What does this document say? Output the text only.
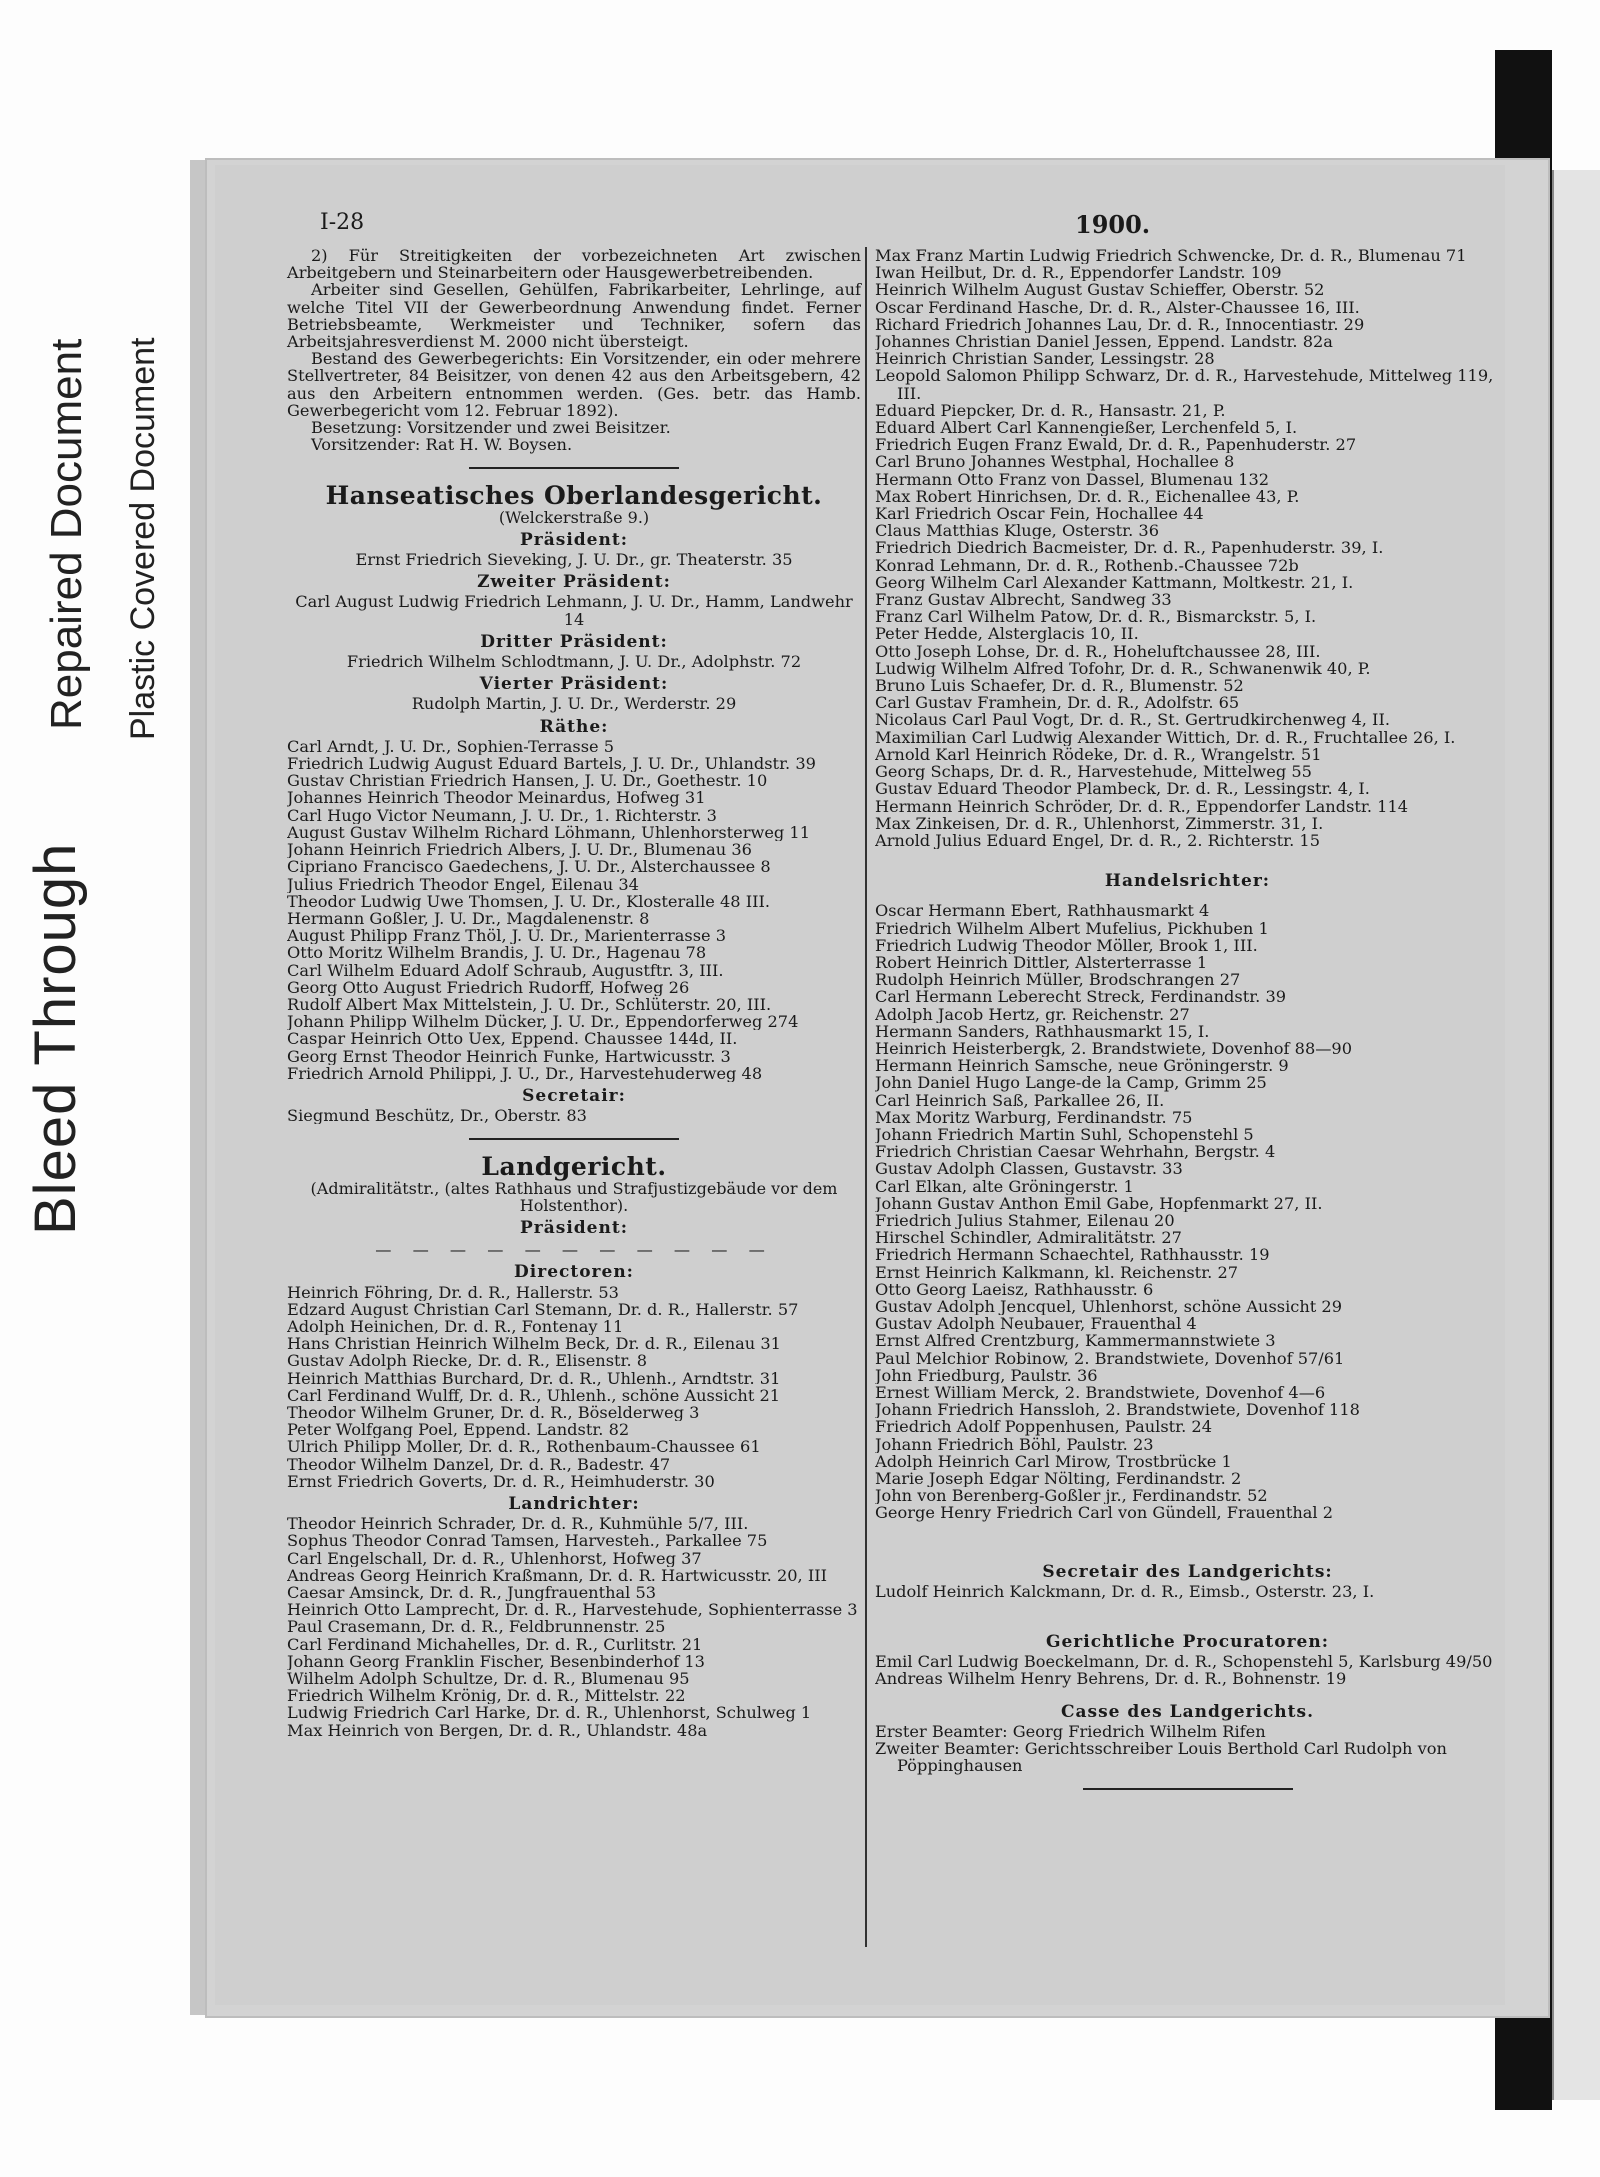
Bleed Through
Repaired Document Plastic Covered Document
I-28	1900.

2) Für Streitigkeiten der vorbezeichneten Art zwischen Arbeitgebern und Steinarbeitern oder Hausgewerbetreibenden.

Arbeiter sind Gesellen, Gehülfen, Fabrikarbeiter, Lehrlinge, auf welche Titel VII der Gewerbeordnung Anwendung findet. Ferner Betriebsbeamte, Werkmeister und Techniker, sofern das Arbeitsjahresverdienst M. 2000 nicht übersteigt.

Bestand des Gewerbegerichts: Ein Vorsitzender, ein oder mehrere Stellvertreter, 84 Beisitzer, von denen 42 aus den Arbeitsgebern, 42 aus den Arbeitern entnommen werden. (Ges. betr. das Hamb. Gewerbegericht vom 12. Februar 1892).

Besetzung: Vorsitzender und zwei Beisitzer.

Vorsitzender: Rat H. W. Boysen.

Hanseatisches Oberlandesgericht.

(Welckerstraße 9.)

Präsident:

Ernst Friedrich Sieveking, J. U. Dr., gr. Theaterstr. 35

Zweiter Präsident:

Carl August Ludwig Friedrich Lehmann, J. U. Dr., Hamm, Landwehr 14

Dritter Präsident:

Friedrich Wilhelm Schlodtmann, J. U. Dr., Adolphstr. 72

Vierter Präsident:

Rudolph Martin, J. U. Dr., Werderstr. 29

Räthe:

Carl Arndt, J. U. Dr., Sophien-Terrasse 5

Friedrich Ludwig August Eduard Bartels, J. U. Dr., Uhlandstr. 39

Gustav Christian Friedrich Hansen, J. U. Dr., Goethestr. 10

Johannes Heinrich Theodor Meinardus, Hofweg 31

Carl Hugo Victor Neumann, J. U. Dr., 1. Richterstr. 3

August Gustav Wilhelm Richard Löhmann, Uhlenhorsterweg 11

Johann Heinrich Friedrich Albers, J. U. Dr., Blumenau 36

Cipriano Francisco Gaedechens, J. U. Dr., Alsterchaussee 8

Julius Friedrich Theodor Engel, Eilenau 34

Theodor Ludwig Uwe Thomsen, J. U. Dr., Klosteralle 48 III.

Hermann Goßler, J. U. Dr., Magdalenenstr. 8

August Philipp Franz Thöl, J. U. Dr., Marienterrasse 3

Otto Moritz Wilhelm Brandis, J. U. Dr., Hagenau 78

Carl Wilhelm Eduard Adolf Schraub, Augustftr. 3, III.

Georg Otto August Friedrich Rudorff, Hofweg 26

Rudolf Albert Max Mittelstein, J. U. Dr., Schlüterstr. 20, III.

Johann Philipp Wilhelm Dücker, J. U. Dr., Eppendorferweg 274

Caspar Heinrich Otto Uex, Eppend. Chaussee 144d, II.

Georg Ernst Theodor Heinrich Funke, Hartwicusstr. 3

Friedrich Arnold Philippi, J. U., Dr., Harvestehuderweg 48

Secretair:

Siegmund Beschütz, Dr., Oberstr. 83

Landgericht.

(Admiralitätstr., (altes Rathhaus und Strafjustizgebäude vor dem Holstenthor).

Präsident:

— — — — — — — — — — —

Directoren:

Heinrich Föhring, Dr. d. R., Hallerstr. 53

Edzard August Christian Carl Stemann, Dr. d. R., Hallerstr. 57

Adolph Heinichen, Dr. d. R., Fontenay 11

Hans Christian Heinrich Wilhelm Beck, Dr. d. R., Eilenau 31

Gustav Adolph Riecke, Dr. d. R., Elisenstr. 8

Heinrich Matthias Burchard, Dr. d. R., Uhlenh., Arndtstr. 31

Carl Ferdinand Wulff, Dr. d. R., Uhlenh., schöne Aussicht 21

Theodor Wilhelm Gruner, Dr. d. R., Böselderweg 3

Peter Wolfgang Poel, Eppend. Landstr. 82

Ulrich Philipp Moller, Dr. d. R., Rothenbaum-Chaussee 61

Theodor Wilhelm Danzel, Dr. d. R., Badestr. 47

Ernst Friedrich Goverts, Dr. d. R., Heimhuderstr. 30

Landrichter:

Theodor Heinrich Schrader, Dr. d. R., Kuhmühle 5/7, III.

Sophus Theodor Conrad Tamsen, Harvesteh., Parkallee 75

Carl Engelschall, Dr. d. R., Uhlenhorst, Hofweg 37

Andreas Georg Heinrich Kraßmann, Dr. d. R. Hartwicusstr. 20, III

Caesar Amsinck, Dr. d. R., Jungfrauenthal 53

Heinrich Otto Lamprecht, Dr. d. R., Harvestehude, Sophienterrasse 3

Paul Crasemann, Dr. d. R., Feldbrunnenstr. 25

Carl Ferdinand Michahelles, Dr. d. R., Curlitstr. 21

Johann Georg Franklin Fischer, Besenbinderhof 13

Wilhelm Adolph Schultze, Dr. d. R., Blumenau 95

Friedrich Wilhelm Krönig, Dr. d. R., Mittelstr. 22

Ludwig Friedrich Carl Harke, Dr. d. R., Uhlenhorst, Schulweg 1

Max Heinrich von Bergen, Dr. d. R., Uhlandstr. 48a

Max Franz Martin Ludwig Friedrich Schwencke, Dr. d. R., Blumenau 71

Iwan Heilbut, Dr. d. R., Eppendorfer Landstr. 109

Heinrich Wilhelm August Gustav Schieffer, Oberstr. 52

Oscar Ferdinand Hasche, Dr. d. R., Alster-Chaussee 16, III.

Richard Friedrich Johannes Lau, Dr. d. R., Innocentiastr. 29

Johannes Christian Daniel Jessen, Eppend. Landstr. 82a

Heinrich Christian Sander, Lessingstr. 28

Leopold Salomon Philipp Schwarz, Dr. d. R., Harvestehude, Mittelweg 119, III.

Eduard Piepcker, Dr. d. R., Hansastr. 21, P.

Eduard Albert Carl Kannengießer, Lerchenfeld 5, I.

Friedrich Eugen Franz Ewald, Dr. d. R., Papenhuderstr. 27

Carl Bruno Johannes Westphal, Hochallee 8

Hermann Otto Franz von Dassel, Blumenau 132

Max Robert Hinrichsen, Dr. d. R., Eichenallee 43, P.

Karl Friedrich Oscar Fein, Hochallee 44

Claus Matthias Kluge, Osterstr. 36

Friedrich Diedrich Bacmeister, Dr. d. R., Papenhuderstr. 39, I.

Konrad Lehmann, Dr. d. R., Rothenb.-Chaussee 72b

Georg Wilhelm Carl Alexander Kattmann, Moltkestr. 21, I.

Franz Gustav Albrecht, Sandweg 33

Franz Carl Wilhelm Patow, Dr. d. R., Bismarckstr. 5, I.

Peter Hedde, Alsterglacis 10, II.

Otto Joseph Lohse, Dr. d. R., Hoheluftchaussee 28, III.

Ludwig Wilhelm Alfred Tofohr, Dr. d. R., Schwanenwik 40, P.

Bruno Luis Schaefer, Dr. d. R., Blumenstr. 52

Carl Gustav Framhein, Dr. d. R., Adolfstr. 65

Nicolaus Carl Paul Vogt, Dr. d. R., St. Gertrudkirchenweg 4, II.

Maximilian Carl Ludwig Alexander Wittich, Dr. d. R., Fruchtallee 26, I.

Arnold Karl Heinrich Rödeke, Dr. d. R., Wrangelstr. 51

Georg Schaps, Dr. d. R., Harvestehude, Mittelweg 55

Gustav Eduard Theodor Plambeck, Dr. d. R., Lessingstr. 4, I.

Hermann Heinrich Schröder, Dr. d. R., Eppendorfer Landstr. 114

Max Zinkeisen, Dr. d. R., Uhlenhorst, Zimmerstr. 31, I.

Arnold Julius Eduard Engel, Dr. d. R., 2. Richterstr. 15

Handelsrichter:

Oscar Hermann Ebert, Rathhausmarkt 4

Friedrich Wilhelm Albert Mufelius, Pickhuben 1

Friedrich Ludwig Theodor Möller, Brook 1, III.

Robert Heinrich Dittler, Alsterterrasse 1

Rudolph Heinrich Müller, Brodschrangen 27

Carl Hermann Leberecht Streck, Ferdinandstr. 39

Adolph Jacob Hertz, gr. Reichenstr. 27

Hermann Sanders, Rathhausmarkt 15, I.

Heinrich Heisterbergk, 2. Brandstwiete, Dovenhof 88—90

Hermann Heinrich Samsche, neue Gröningerstr. 9

John Daniel Hugo Lange-de la Camp, Grimm 25

Carl Heinrich Saß, Parkallee 26, II.

Max Moritz Warburg, Ferdinandstr. 75

Johann Friedrich Martin Suhl, Schopenstehl 5

Friedrich Christian Caesar Wehrhahn, Bergstr. 4

Gustav Adolph Classen, Gustavstr. 33

Carl Elkan, alte Gröningerstr. 1

Johann Gustav Anthon Emil Gabe, Hopfenmarkt 27, II.

Friedrich Julius Stahmer, Eilenau 20

Hirschel Schindler, Admiralitätstr. 27

Friedrich Hermann Schaechtel, Rathhausstr. 19

Ernst Heinrich Kalkmann, kl. Reichenstr. 27

Otto Georg Laeisz, Rathhausstr. 6

Gustav Adolph Jencquel, Uhlenhorst, schöne Aussicht 29

Gustav Adolph Neubauer, Frauenthal 4

Ernst Alfred Crentzburg, Kammermannstwiete 3

Paul Melchior Robinow, 2. Brandstwiete, Dovenhof 57/61

John Friedburg, Paulstr. 36

Ernest William Merck, 2. Brandstwiete, Dovenhof 4—6

Johann Friedrich Hanssloh, 2. Brandstwiete, Dovenhof 118

Friedrich Adolf Poppenhusen, Paulstr. 24

Johann Friedrich Böhl, Paulstr. 23

Adolph Heinrich Carl Mirow, Trostbrücke 1

Marie Joseph Edgar Nölting, Ferdinandstr. 2

John von Berenberg-Goßler jr., Ferdinandstr. 52

George Henry Friedrich Carl von Gündell, Frauenthal 2

Secretair des Landgerichts:

Ludolf Heinrich Kalckmann, Dr. d. R., Eimsb., Osterstr. 23, I.

Gerichtliche Procuratoren:

Emil Carl Ludwig Boeckelmann, Dr. d. R., Schopenstehl 5, Karlsburg 49/50

Andreas Wilhelm Henry Behrens, Dr. d. R., Bohnenstr. 19

Casse des Landgerichts.

Erster Beamter: Georg Friedrich Wilhelm Rifen

Zweiter Beamter: Gerichtsschreiber Louis Berthold Carl Rudolph von Pöppinghausen
